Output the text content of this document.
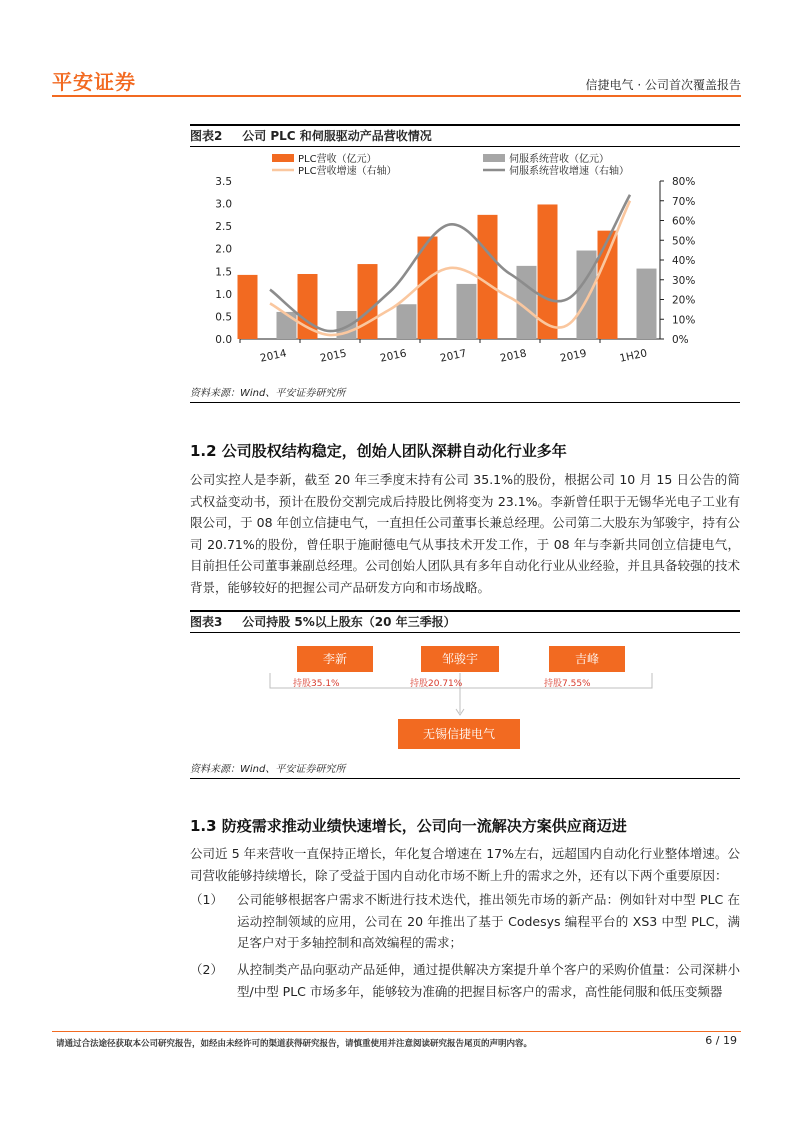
平安证券	信捷电气 · 公司首次覆盖报告
图表2 公司 PLC 和伺服驱动产品营收情况
PLC营收（亿元）	伺服系统营收（亿元）
PLC营收增速（右轴）	伺服系统营收增速（右轴）
0.0
0.5
1.0
1.5
2.0
2.5
3.0
3.5
0%
10%
20%
30%
40%
50%
60%
70%
80%
2014	2015	2016	2017	2018	2019	1H20
资料来源：Wind、平安证券研究所
1.2 公司股权结构稳定，创始人团队深耕自动化行业多年

公司实控人是李新，截至 20 年三季度末持有公司 35.1%的股份，根据公司 10 月 15 日公告的简式权益变动书，预计在股份交割完成后持股比例将变为 23.1%。李新曾任职于无锡华光电子工业有限公司，于 08 年创立信捷电气，一直担任公司董事长兼总经理。公司第二大股东为邹骏宇，持有公司 20.71%的股份，曾任职于施耐德电气从事技术开发工作，于 08 年与李新共同创立信捷电气，目前担任公司董事兼副总经理。公司创始人团队具有多年自动化行业从业经验，并且具备较强的技术背景，能够较好的把握公司产品研发方向和市场战略。

图表3 公司持股 5%以上股东（20 年三季报）
李新	邹骏宇	吉峰
持股35.1%	持股20.71%	持股7.55%
无锡信捷电气
资料来源：Wind、平安证券研究所
1.3 防疫需求推动业绩快速增长，公司向一流解决方案供应商迈进

公司近 5 年来营收一直保持正增长，年化复合增速在 17%左右，远超国内自动化行业整体增速。公司营收能够持续增长，除了受益于国内自动化市场不断上升的需求之外，还有以下两个重要原因：

（1） 公司能够根据客户需求不断进行技术迭代，推出领先市场的新产品：例如针对中型 PLC 在运动控制领域的应用，公司在 20 年推出了基于 Codesys 编程平台的 XS3 中型 PLC，满足客户对于多轴控制和高效编程的需求；

（2） 从控制类产品向驱动产品延伸，通过提供解决方案提升单个客户的采购价值量：公司深耕小型/中型 PLC 市场多年，能够较为准确的把握目标客户的需求，高性能伺服和低压变频器

请通过合法途径获取本公司研究报告，如经由未经许可的渠道获得研究报告，请慎重使用并注意阅读研究报告尾页的声明内容。	6 / 19
